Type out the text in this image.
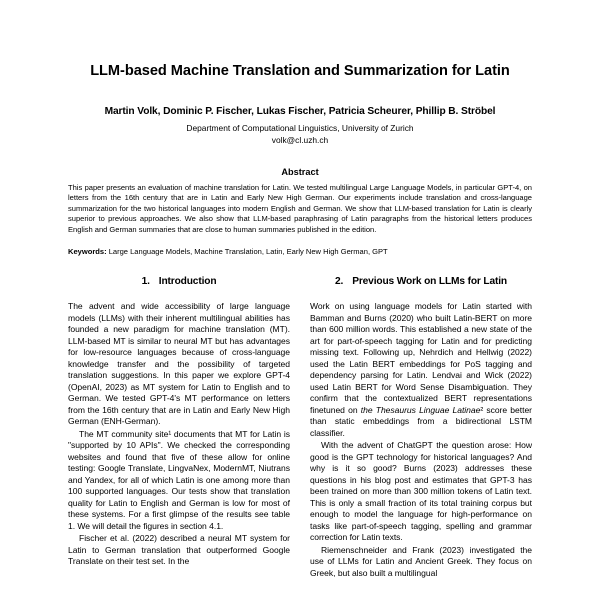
LLM-based Machine Translation and Summarization for Latin
Martin Volk, Dominic P. Fischer, Lukas Fischer, Patricia Scheurer, Phillip B. Ströbel
Department of Computational Linguistics, University of Zurich
volk@cl.uzh.ch
Abstract
This paper presents an evaluation of machine translation for Latin. We tested multilingual Large Language Models, in particular GPT-4, on letters from the 16th century that are in Latin and Early New High German. Our experiments include translation and cross-language summarization for the two historical languages into modern English and German. We show that LLM-based translation for Latin is clearly superior to previous approaches. We also show that LLM-based paraphrasing of Latin paragraphs from the historical letters produces English and German summaries that are close to human summaries published in the edition.
Keywords: Large Language Models, Machine Translation, Latin, Early New High German, GPT
1. Introduction

The advent and wide accessibility of large language models (LLMs) with their inherent multilingual abilities has founded a new paradigm for machine translation (MT). LLM-based MT is similar to neural MT but has advantages for low-resource languages because of cross-language knowledge transfer and the possibility of targeted translation suggestions. In this paper we explore GPT-4 (OpenAI, 2023) as MT system for Latin to English and to German. We tested GPT-4's MT performance on letters from the 16th century that are in Latin and Early New High German (ENH-German).

The MT community site¹ documents that MT for Latin is "supported by 10 APIs". We checked the corresponding websites and found that five of these allow for online testing: Google Translate, LingvaNex, ModernMT, Niutrans and Yandex, for all of which Latin is one among more than 100 supported languages. Our tests show that translation quality for Latin to English and German is low for most of these systems. For a first glimpse of the results see table 1. We will detail the figures in section 4.1.

Fischer et al. (2022) described a neural MT system for Latin to German translation that outperformed Google Translate on their test set. In the

2. Previous Work on LLMs for Latin

Work on using language models for Latin started with Bamman and Burns (2020) who built Latin-BERT on more than 600 million words. This established a new state of the art for part-of-speech tagging for Latin and for predicting missing text. Following up, Nehrdich and Hellwig (2022) used the Latin BERT embeddings for PoS tagging and dependency parsing for Latin. Lendvai and Wick (2022) used Latin BERT for Word Sense Disambiguation. They confirm that the contextualized BERT representations finetuned on the Thesaurus Linguae Latinae² score better than static embeddings from a bidirectional LSTM classifier.

With the advent of ChatGPT the question arose: How good is the GPT technology for historical languages? And why is it so good? Burns (2023) addresses these questions in his blog post and estimates that GPT-3 has been trained on more than 300 million tokens of Latin text. This is only a small fraction of its total training corpus but enough to model the language for high-performance on tasks like part-of-speech tagging, spelling and grammar correction for Latin texts.

Riemenschneider and Frank (2023) investigated the use of LLMs for Latin and Ancient Greek. They focus on Greek, but also built a multilingual
